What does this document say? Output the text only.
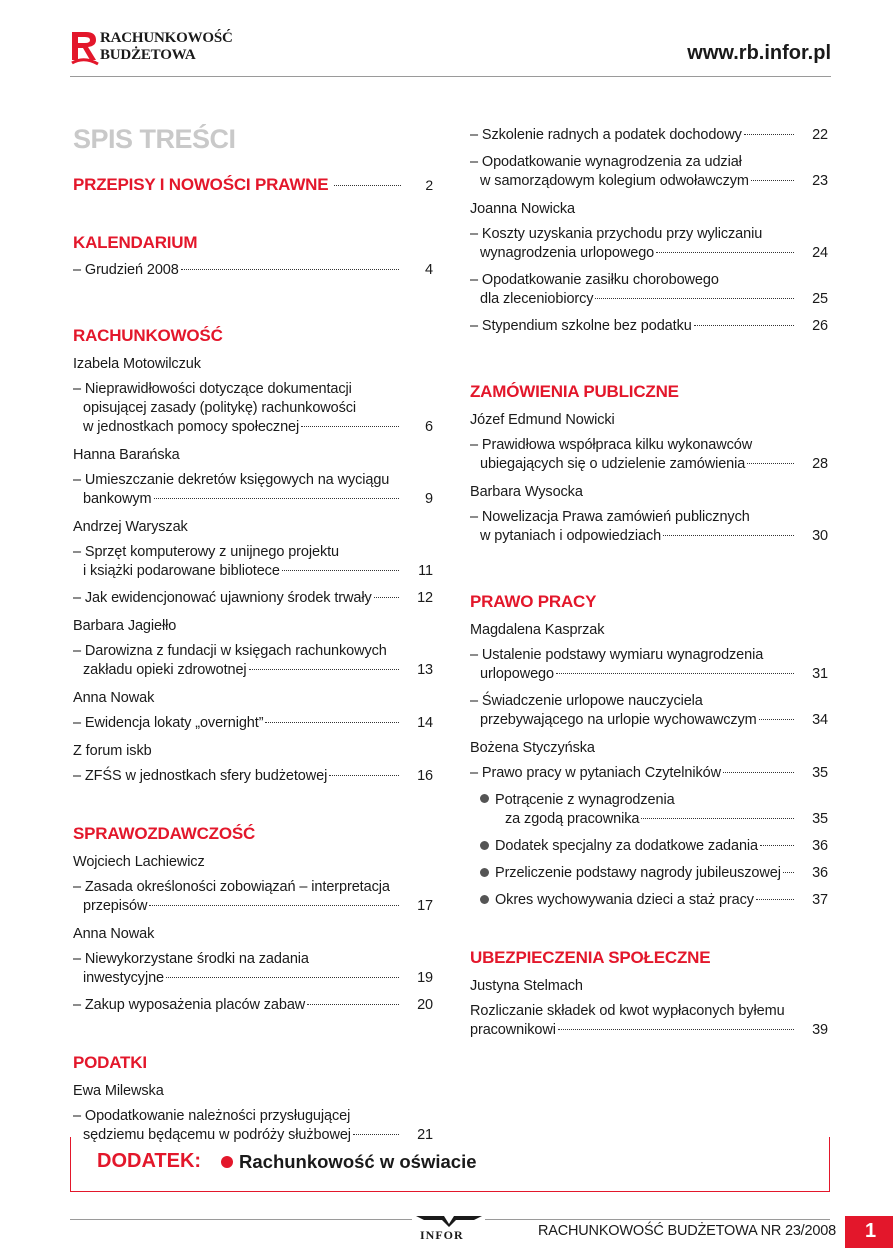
RACHUNKOWOŚĆ
BUDŻETOWA	www.rb.infor.pl
SPIS TREŚCI
PRZEPISY I NOWOŚCI PRAWNE	2
KALENDARIUM
– Grudzień 2008	4
RACHUNKOWOŚĆ
Izabela Motowilczuk
– Nieprawidłowości dotyczące dokumentacji
opisującej zasady (politykę) rachunkowości
w jednostkach pomocy społecznej	6
Hanna Barańska
– Umieszczanie dekretów księgowych na wyciągu
bankowym	9
Andrzej Waryszak
– Sprzęt komputerowy z unijnego projektu
i książki podarowane bibliotece	11
– Jak ewidencjonować ujawniony środek trwały	12
Barbara Jagiełło
– Darowizna z fundacji w księgach rachunkowych
zakładu opieki zdrowotnej	13
Anna Nowak
– Ewidencja lokaty „overnight”	14
Z forum iskb
– ZFŚS w jednostkach sfery budżetowej	16
SPRAWOZDAWCZOŚĆ
Wojciech Lachiewicz
– Zasada określoności zobowiązań – interpretacja
przepisów	17
Anna Nowak
– Niewykorzystane środki na zadania
inwestycyjne	19
– Zakup wyposażenia placów zabaw	20
PODATKI
Ewa Milewska
– Opodatkowanie należności przysługującej
sędziemu będącemu w podróży służbowej	21
– Szkolenie radnych a podatek dochodowy	22
– Opodatkowanie wynagrodzenia za udział
w samorządowym kolegium odwoławczym	23
Joanna Nowicka
– Koszty uzyskania przychodu przy wyliczaniu
wynagrodzenia urlopowego	24
– Opodatkowanie zasiłku chorobowego
dla zleceniobiorcy	25
– Stypendium szkolne bez podatku	26
ZAMÓWIENIA PUBLICZNE
Józef Edmund Nowicki
– Prawidłowa współpraca kilku wykonawców
ubiegających się o udzielenie zamówienia	28
Barbara Wysocka
– Nowelizacja Prawa zamówień publicznych
w pytaniach i odpowiedziach	30
PRAWO PRACY
Magdalena Kasprzak
– Ustalenie podstawy wymiaru wynagrodzenia
urlopowego	31
– Świadczenie urlopowe nauczyciela
przebywającego na urlopie wychowawczym	34
Bożena Styczyńska
– Prawo pracy w pytaniach Czytelników	35
Potrącenie z wynagrodzenia
za zgodą pracownika	35
Dodatek specjalny za dodatkowe zadania	36
Przeliczenie podstawy nagrody jubileuszowej	36
Okres wychowywania dzieci a staż pracy	37
UBEZPIECZENIA SPOŁECZNE
Justyna Stelmach
Rozliczanie składek od kwot wypłaconych byłemu
pracownikowi	39
DODATEK: Rachunkowość w oświacie
INFOR	RACHUNKOWOŚĆ BUDŻETOWA NR 23/2008	1
